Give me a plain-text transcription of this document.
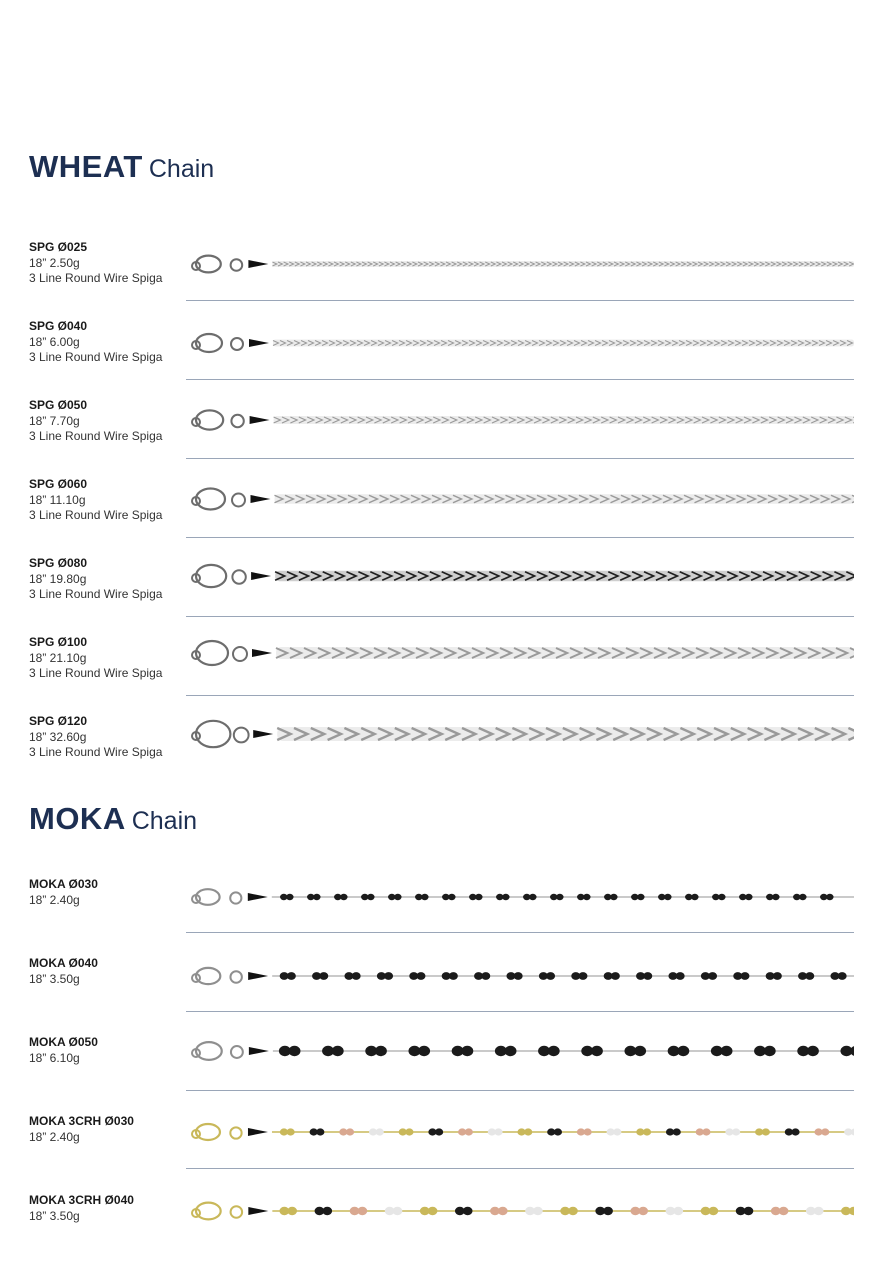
WHEAT Chain
SPG Ø025
18” 2.50g
3 Line Round Wire Spiga
SPG Ø040
18” 6.00g
3 Line Round Wire Spiga
SPG Ø050
18” 7.70g
3 Line Round Wire Spiga
SPG Ø060
18” 11.10g
3 Line Round Wire Spiga
SPG Ø080
18” 19.80g
3 Line Round Wire Spiga
SPG Ø100
18” 21.10g
3 Line Round Wire Spiga
SPG Ø120
18” 32.60g
3 Line Round Wire Spiga
MOKA Chain
MOKA Ø030
18” 2.40g
MOKA Ø040
18” 3.50g
MOKA Ø050
18” 6.10g
MOKA 3CRH Ø030
18” 2.40g
MOKA 3CRH Ø040
18” 3.50g
